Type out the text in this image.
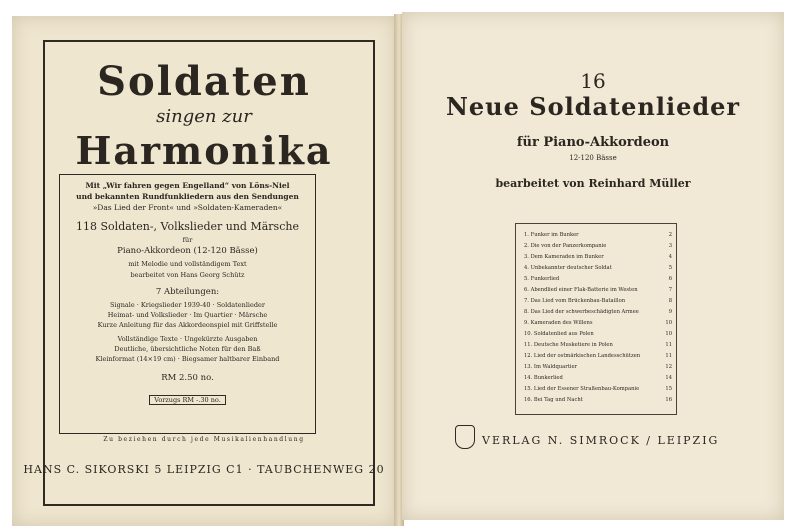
Soldaten
singen zur
Harmonika
Mit „Wir fahren gegen Engelland“ von Löns-Niel
und bekannten Rundfunkliedern aus den Sendungen
»Das Lied der Front« und »Soldaten-Kameraden«
118 Soldaten-, Volkslieder und Märsche
für
Piano-Akkordeon (12-120 Bässe)
mit Melodie und vollständigem Text
bearbeitet von Hans Georg Schütz
7 Abteilungen:
Signale · Kriegslieder 1939-40 · Soldatenlieder
Heimat- und Volkslieder · Im Quartier · Märsche
Kurze Anleitung für das Akkordeonspiel mit Griffstelle
Vollständige Texte · Ungekürzte Ausgaben
Deutliche, übersichtliche Noten für den Baß
Kleinformat (14×19 cm) · Biegsamer haltbarer Einband
RM 2.50 no.
Vorzugs RM -.30 no.
Zu beziehen durch jede Musikalienhandlung
HANS C. SIKORSKI 5 LEIPZIG C1 · TAUBCHENWEG 20
16
Neue Soldatenlieder
für Piano-Akkordeon
12-120 Bässe
bearbeitet von Reinhard Müller
1. Funker im Bunker	2
2. Die von der Panzerkompanie	3
3. Dem Kameraden im Bunker	4
4. Unbekannter deutscher Soldat	5
5. Funkerlied	6
6. Abendlied einer Flak-Batterie im Westen	7
7. Das Lied vom Brückenbau-Bataillon	8
8. Das Lied der schwerbeschädigten Armee	9
9. Kameraden des Willens	10
10. Soldatenlied aus Polen	10
11. Deutsche Musketiere in Polen	11
12. Lied der ostmärkischen Landesschützen	11
13. Im Waldquartier	12
14. Bunkerlied	14
15. Lied der Essener Straßenbau-Kompanie	15
16. Bei Tag und Nacht	16
VERLAG N. SIMROCK / LEIPZIG
